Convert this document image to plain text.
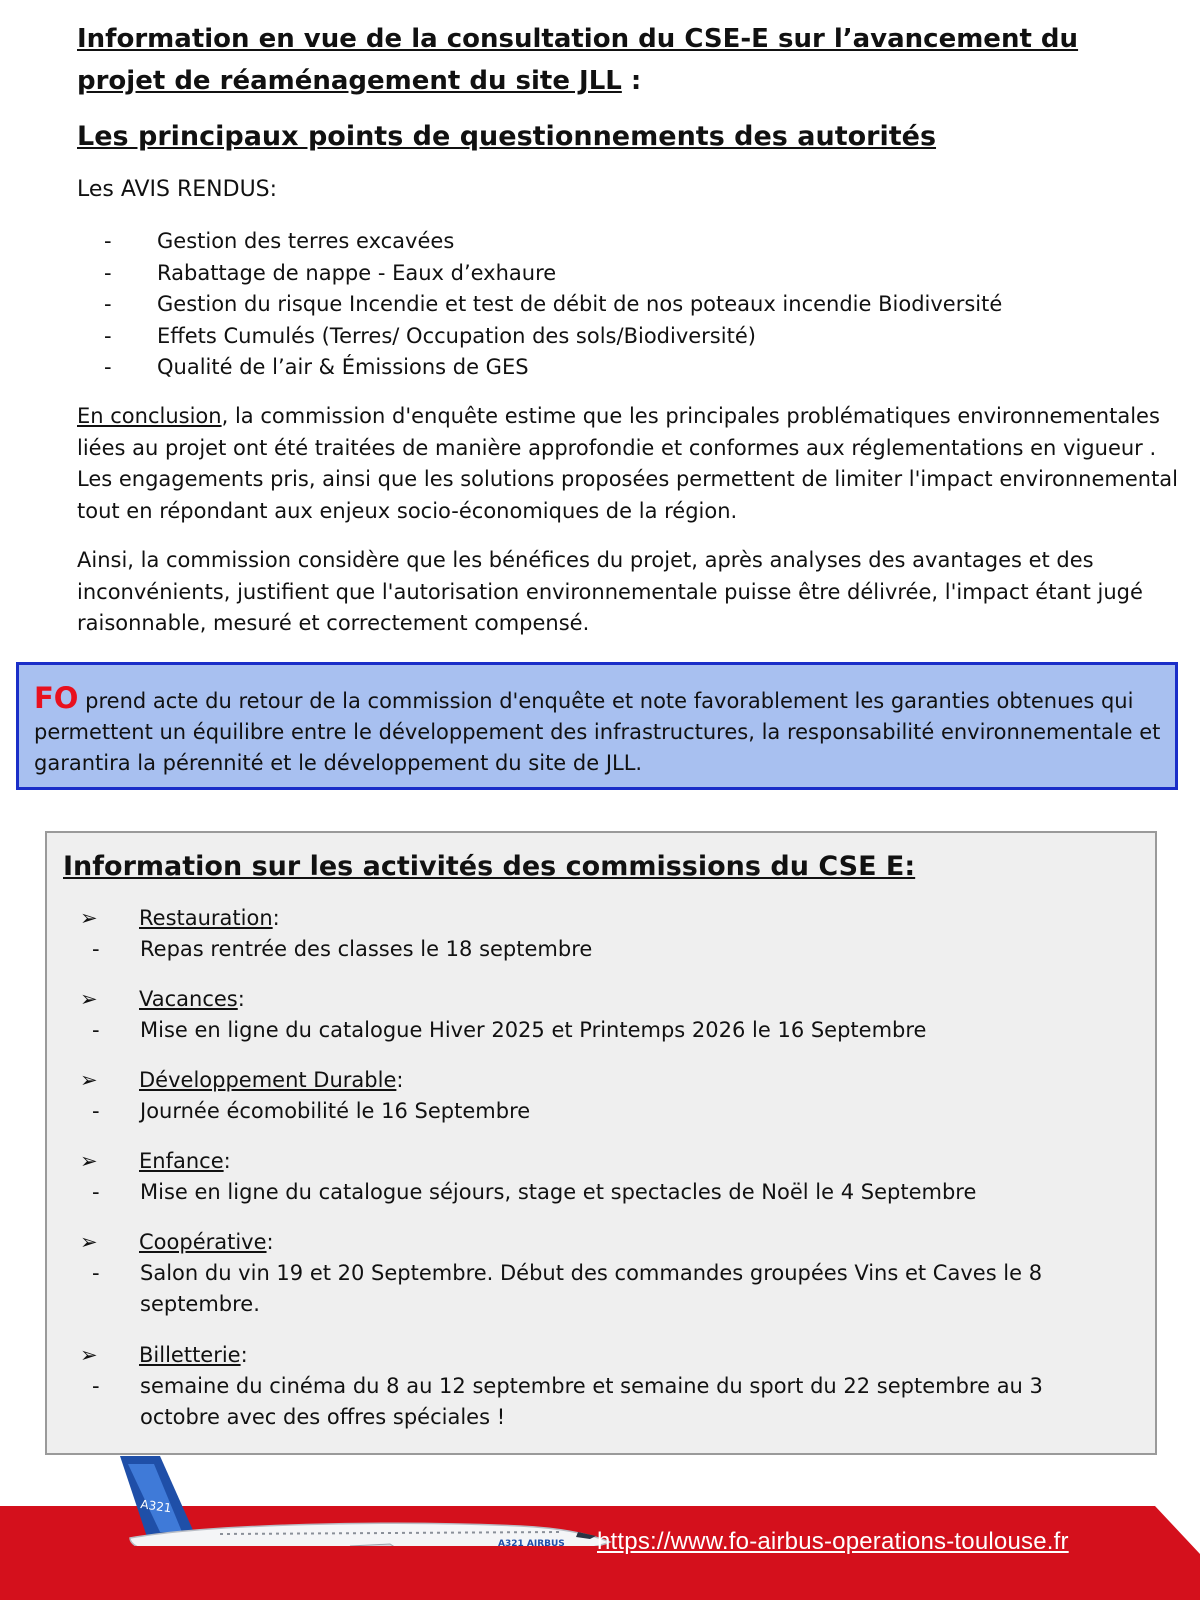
Information en vue de la consultation du CSE-E sur l’avancement du projet de réaménagement du site JLL :
Les principaux points de questionnements des autorités

Les AVIS RENDUS:

-	Gestion des terres excavées
-	Rabattage de nappe - Eaux d’exhaure
-	Gestion du risque Incendie et test de débit de nos poteaux incendie Biodiversité
-	Effets Cumulés (Terres/ Occupation des sols/Biodiversité)
-	Qualité de l’air & Émissions de GES

En conclusion, la commission d'enquête estime que les principales problématiques environnementales liées au projet ont été traitées de manière approfondie et conformes aux réglementations en vigueur . Les engagements pris, ainsi que les solutions proposées permettent de limiter l'impact environnemental tout en répondant aux enjeux socio-économiques de la région.

Ainsi, la commission considère que les bénéfices du projet, après analyses des avantages et des inconvénients, justifient que l'autorisation environnementale puisse être délivrée, l'impact étant jugé raisonnable, mesuré et correctement compensé.

FO prend acte du retour de la commission d'enquête et note favorablement les garanties obtenues qui permettent un équilibre entre le développement des infrastructures, la responsabilité environnementale et garantira la pérennité et le développement du site de JLL.
Information sur les activités des commissions du CSE E:
➢	Restauration :
-	Repas rentrée des classes le 18 septembre
➢	Vacances :
-	Mise en ligne du catalogue Hiver 2025 et Printemps 2026 le 16 Septembre
➢	Développement Durable :
-	Journée écomobilité le 16 Septembre
➢	Enfance :
-	Mise en ligne du catalogue séjours, stage et spectacles de Noël le 4 Septembre
➢	Coopérative :
-	Salon du vin 19 et 20 Septembre. Début des commandes groupées Vins et Caves le 8 septembre.
➢	Billetterie :
-	semaine du cinéma du 8 au 12 septembre et semaine du sport du 22 septembre au 3 octobre avec des offres spéciales !
A321
A321 AIRBUS https://www.fo-airbus-operations-toulouse.fr
